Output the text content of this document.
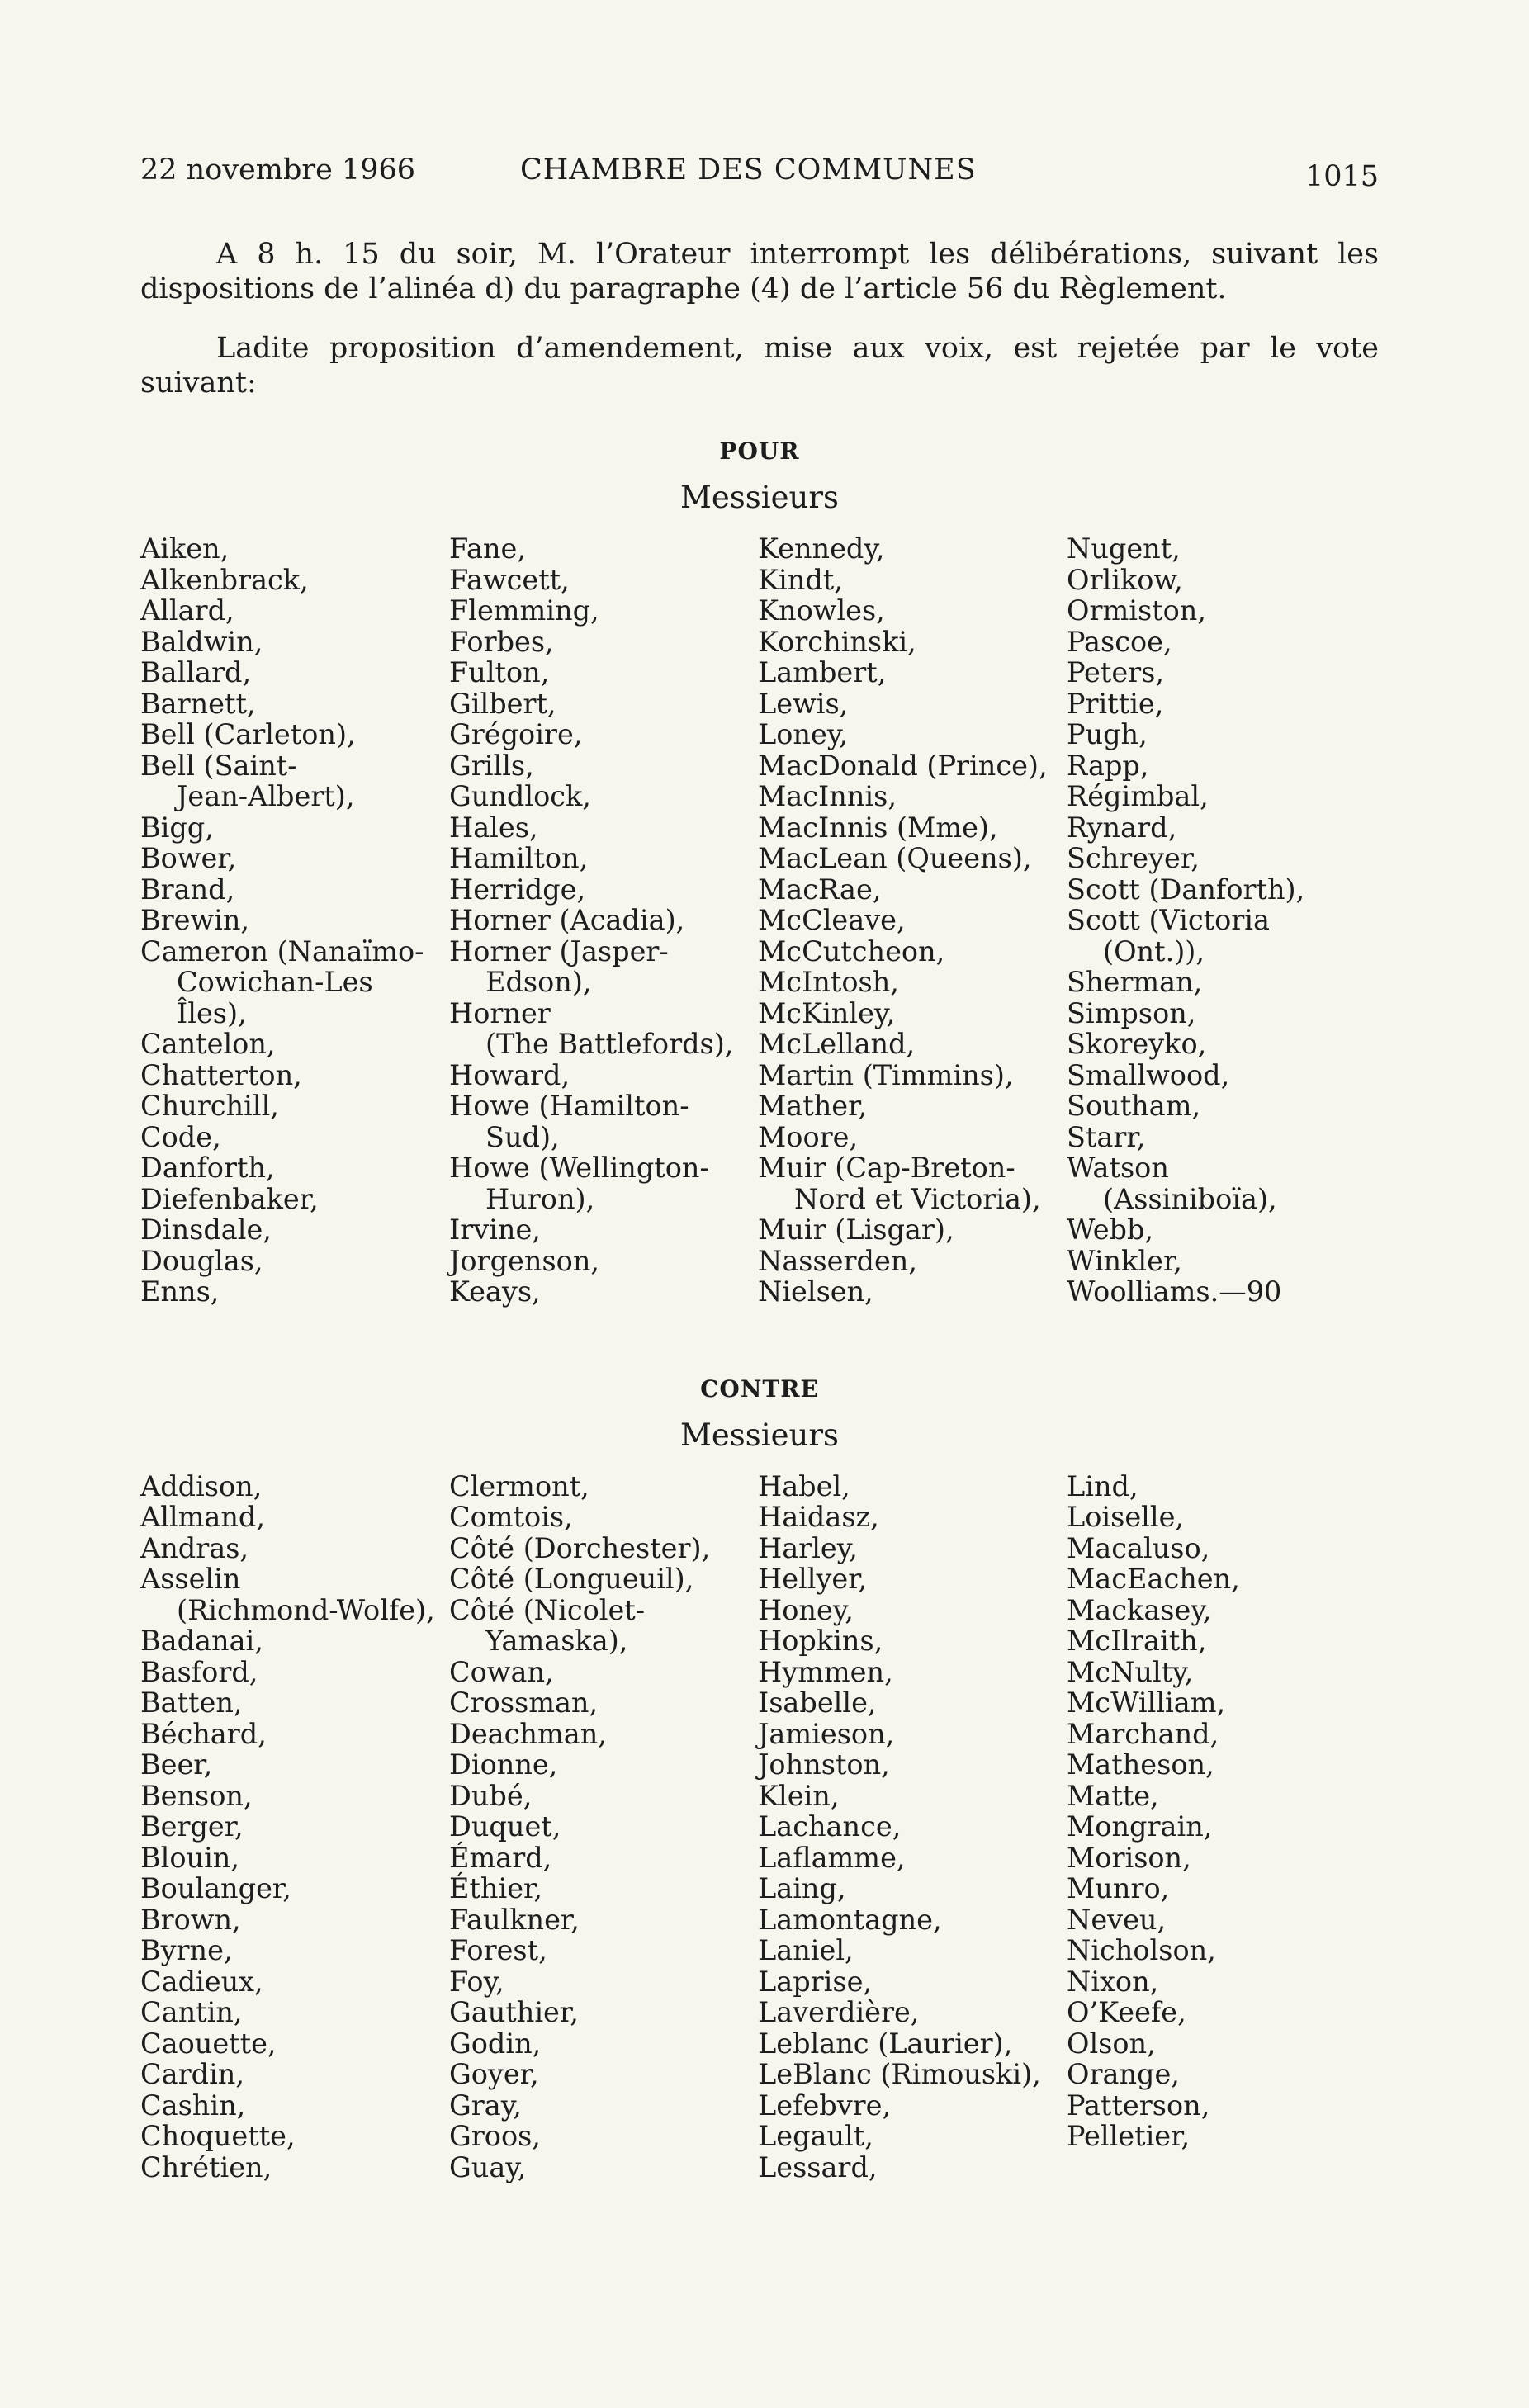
22 novembre 1966	CHAMBRE DES COMMUNES	1015

A 8 h. 15 du soir, M. l’Orateur interrompt les délibérations, suivant les dispositions de l’alinéa d) du paragraphe (4) de l’article 56 du Règlement.

Ladite proposition d’amendement, mise aux voix, est rejetée par le vote suivant:

POUR
Messieurs
Aiken,
Alkenbrack,
Allard,
Baldwin,
Ballard,
Barnett,
Bell (Carleton),
Bell (Saint-
Jean-Albert),
Bigg,
Bower,
Brand,
Brewin,
Cameron (Nanaïmo-
Cowichan-Les
Îles),
Cantelon,
Chatterton,
Churchill,
Code,
Danforth,
Diefenbaker,
Dinsdale,
Douglas,
Enns,
Fane,
Fawcett,
Flemming,
Forbes,
Fulton,
Gilbert,
Grégoire,
Grills,
Gundlock,
Hales,
Hamilton,
Herridge,
Horner (Acadia),
Horner (Jasper-
Edson),
Horner
(The Battlefords),
Howard,
Howe (Hamilton-
Sud),
Howe (Wellington-
Huron),
Irvine,
Jorgenson,
Keays,
Kennedy,
Kindt,
Knowles,
Korchinski,
Lambert,
Lewis,
Loney,
MacDonald (Prince),
MacInnis,
MacInnis (Mme),
MacLean (Queens),
MacRae,
McCleave,
McCutcheon,
McIntosh,
McKinley,
McLelland,
Martin (Timmins),
Mather,
Moore,
Muir (Cap-Breton-
Nord et Victoria),
Muir (Lisgar),
Nasserden,
Nielsen,
Nugent,
Orlikow,
Ormiston,
Pascoe,
Peters,
Prittie,
Pugh,
Rapp,
Régimbal,
Rynard,
Schreyer,
Scott (Danforth),
Scott (Victoria
(Ont.)),
Sherman,
Simpson,
Skoreyko,
Smallwood,
Southam,
Starr,
Watson
(Assiniboïa),
Webb,
Winkler,
Woolliams.—90
CONTRE
Messieurs
Addison,
Allmand,
Andras,
Asselin
(Richmond-Wolfe),
Badanai,
Basford,
Batten,
Béchard,
Beer,
Benson,
Berger,
Blouin,
Boulanger,
Brown,
Byrne,
Cadieux,
Cantin,
Caouette,
Cardin,
Cashin,
Choquette,
Chrétien,
Clermont,
Comtois,
Côté (Dorchester),
Côté (Longueuil),
Côté (Nicolet-
Yamaska),
Cowan,
Crossman,
Deachman,
Dionne,
Dubé,
Duquet,
Émard,
Éthier,
Faulkner,
Forest,
Foy,
Gauthier,
Godin,
Goyer,
Gray,
Groos,
Guay,
Habel,
Haidasz,
Harley,
Hellyer,
Honey,
Hopkins,
Hymmen,
Isabelle,
Jamieson,
Johnston,
Klein,
Lachance,
Laflamme,
Laing,
Lamontagne,
Laniel,
Laprise,
Laverdière,
Leblanc (Laurier),
LeBlanc (Rimouski),
Lefebvre,
Legault,
Lessard,
Lind,
Loiselle,
Macaluso,
MacEachen,
Mackasey,
McIlraith,
McNulty,
McWilliam,
Marchand,
Matheson,
Matte,
Mongrain,
Morison,
Munro,
Neveu,
Nicholson,
Nixon,
O’Keefe,
Olson,
Orange,
Patterson,
Pelletier,
